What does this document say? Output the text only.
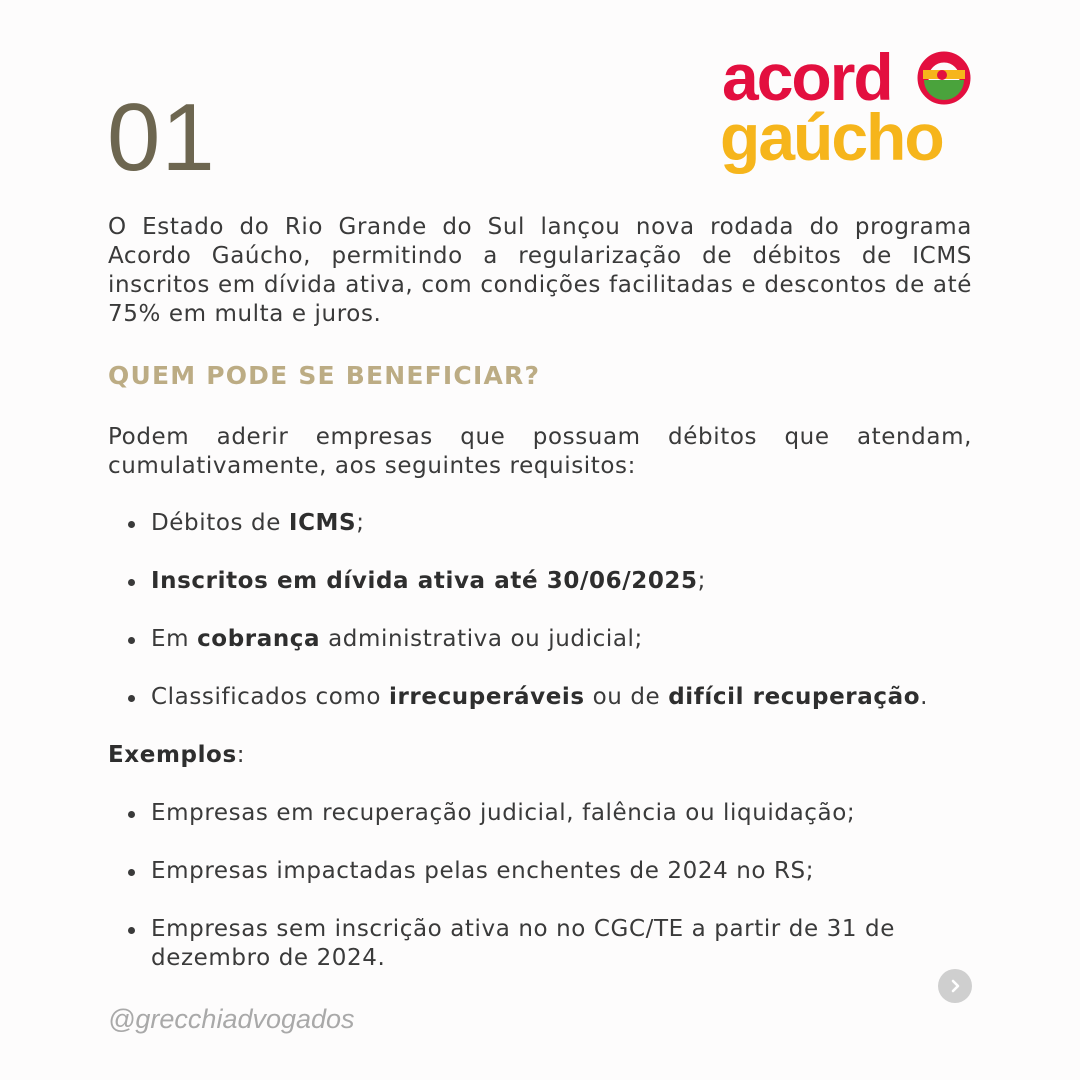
01
acord
gaúcho
O Estado do Rio Grande do Sul lançou nova rodada do programa Acordo Gaúcho, permitindo a regularização de débitos de ICMS inscritos em dívida ativa, com condições facilitadas e descontos de até 75% em multa e juros.
QUEM PODE SE BENEFICIAR?
Podem aderir empresas que possuam débitos que atendam, cumulativamente, aos seguintes requisitos:
Débitos de ICMS;
Inscritos em dívida ativa até 30/06/2025;
Em cobrança administrativa ou judicial;
Classificados como irrecuperáveis ou de difícil recuperação.
Exemplos:
Empresas em recuperação judicial, falência ou liquidação;
Empresas impactadas pelas enchentes de 2024 no RS;
Empresas sem inscrição ativa no no CGC/TE a partir de 31 de dezembro de 2024.
@grecchiadvogados
